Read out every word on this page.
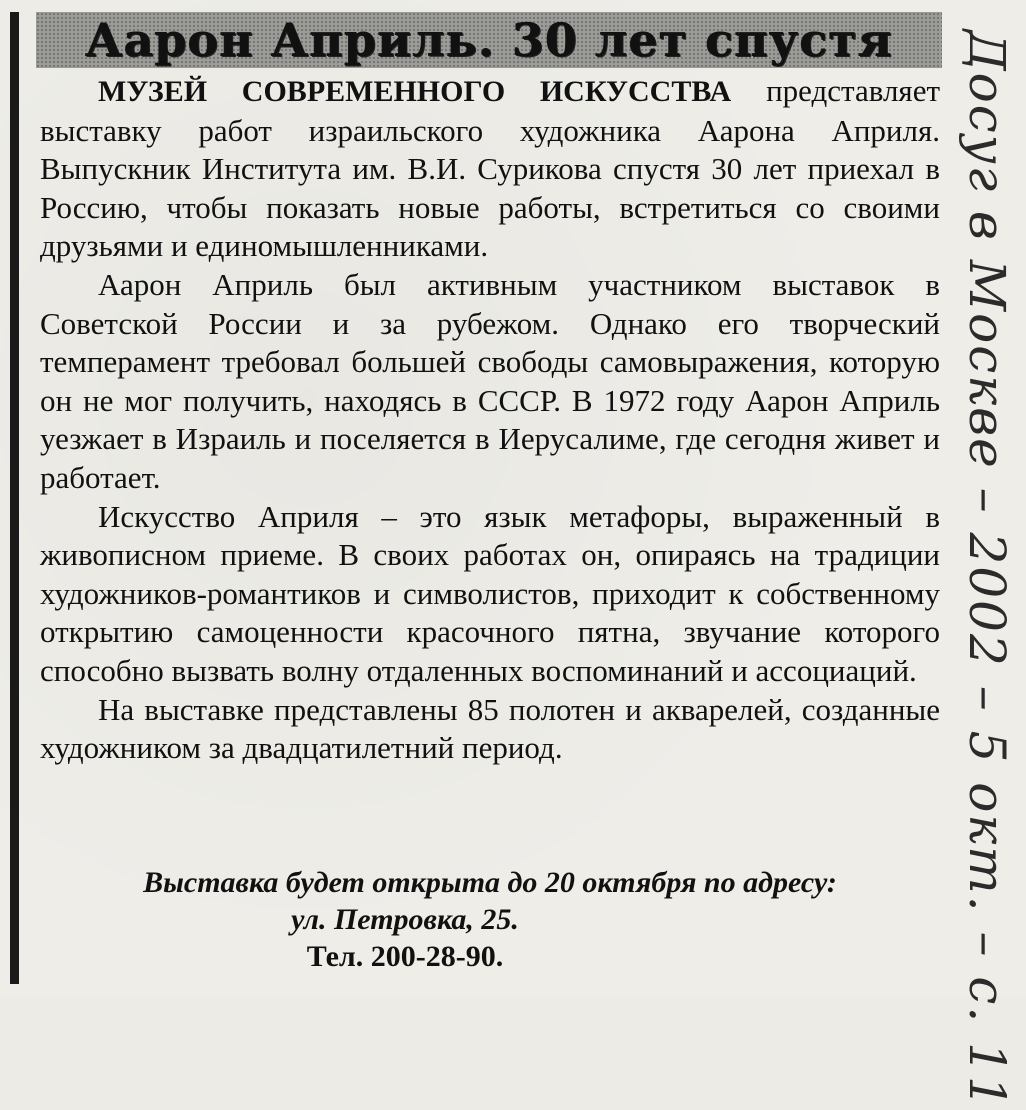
Аарон Априль. 30 лет спустя

МУЗЕЙ СОВРЕМЕННОГО ИСКУССТВА представляет выставку работ израильского художника Аарона Априля. Выпускник Института им. В.И. Сурикова спустя 30 лет приехал в Россию, чтобы показать новые работы, встретиться со своими друзьями и единомышленниками.

Аарон Априль был активным участником выставок в Советской России и за рубежом. Однако его творческий темперамент требовал большей свободы самовыражения, которую он не мог получить, находясь в СССР. В 1972 году Аарон Априль уезжает в Израиль и поселяется в Иерусалиме, где сегодня живет и работает.

Искусство Априля – это язык метафоры, выраженный в живописном приеме. В своих работах он, опираясь на традиции художников-романтиков и символистов, приходит к собственному открытию самоценности красочного пятна, звучание которого способно вызвать волну отдаленных воспоминаний и ассоциаций.

На выставке представлены 85 полотен и акварелей, созданные художником за двадцатилетний период.

Выставка будет открыта до 20 октября по адресу:
ул. Петровка, 25.
Тел. 200-28-90.	Досуг в Москве – 2002 – 5 окт. – с. 11
